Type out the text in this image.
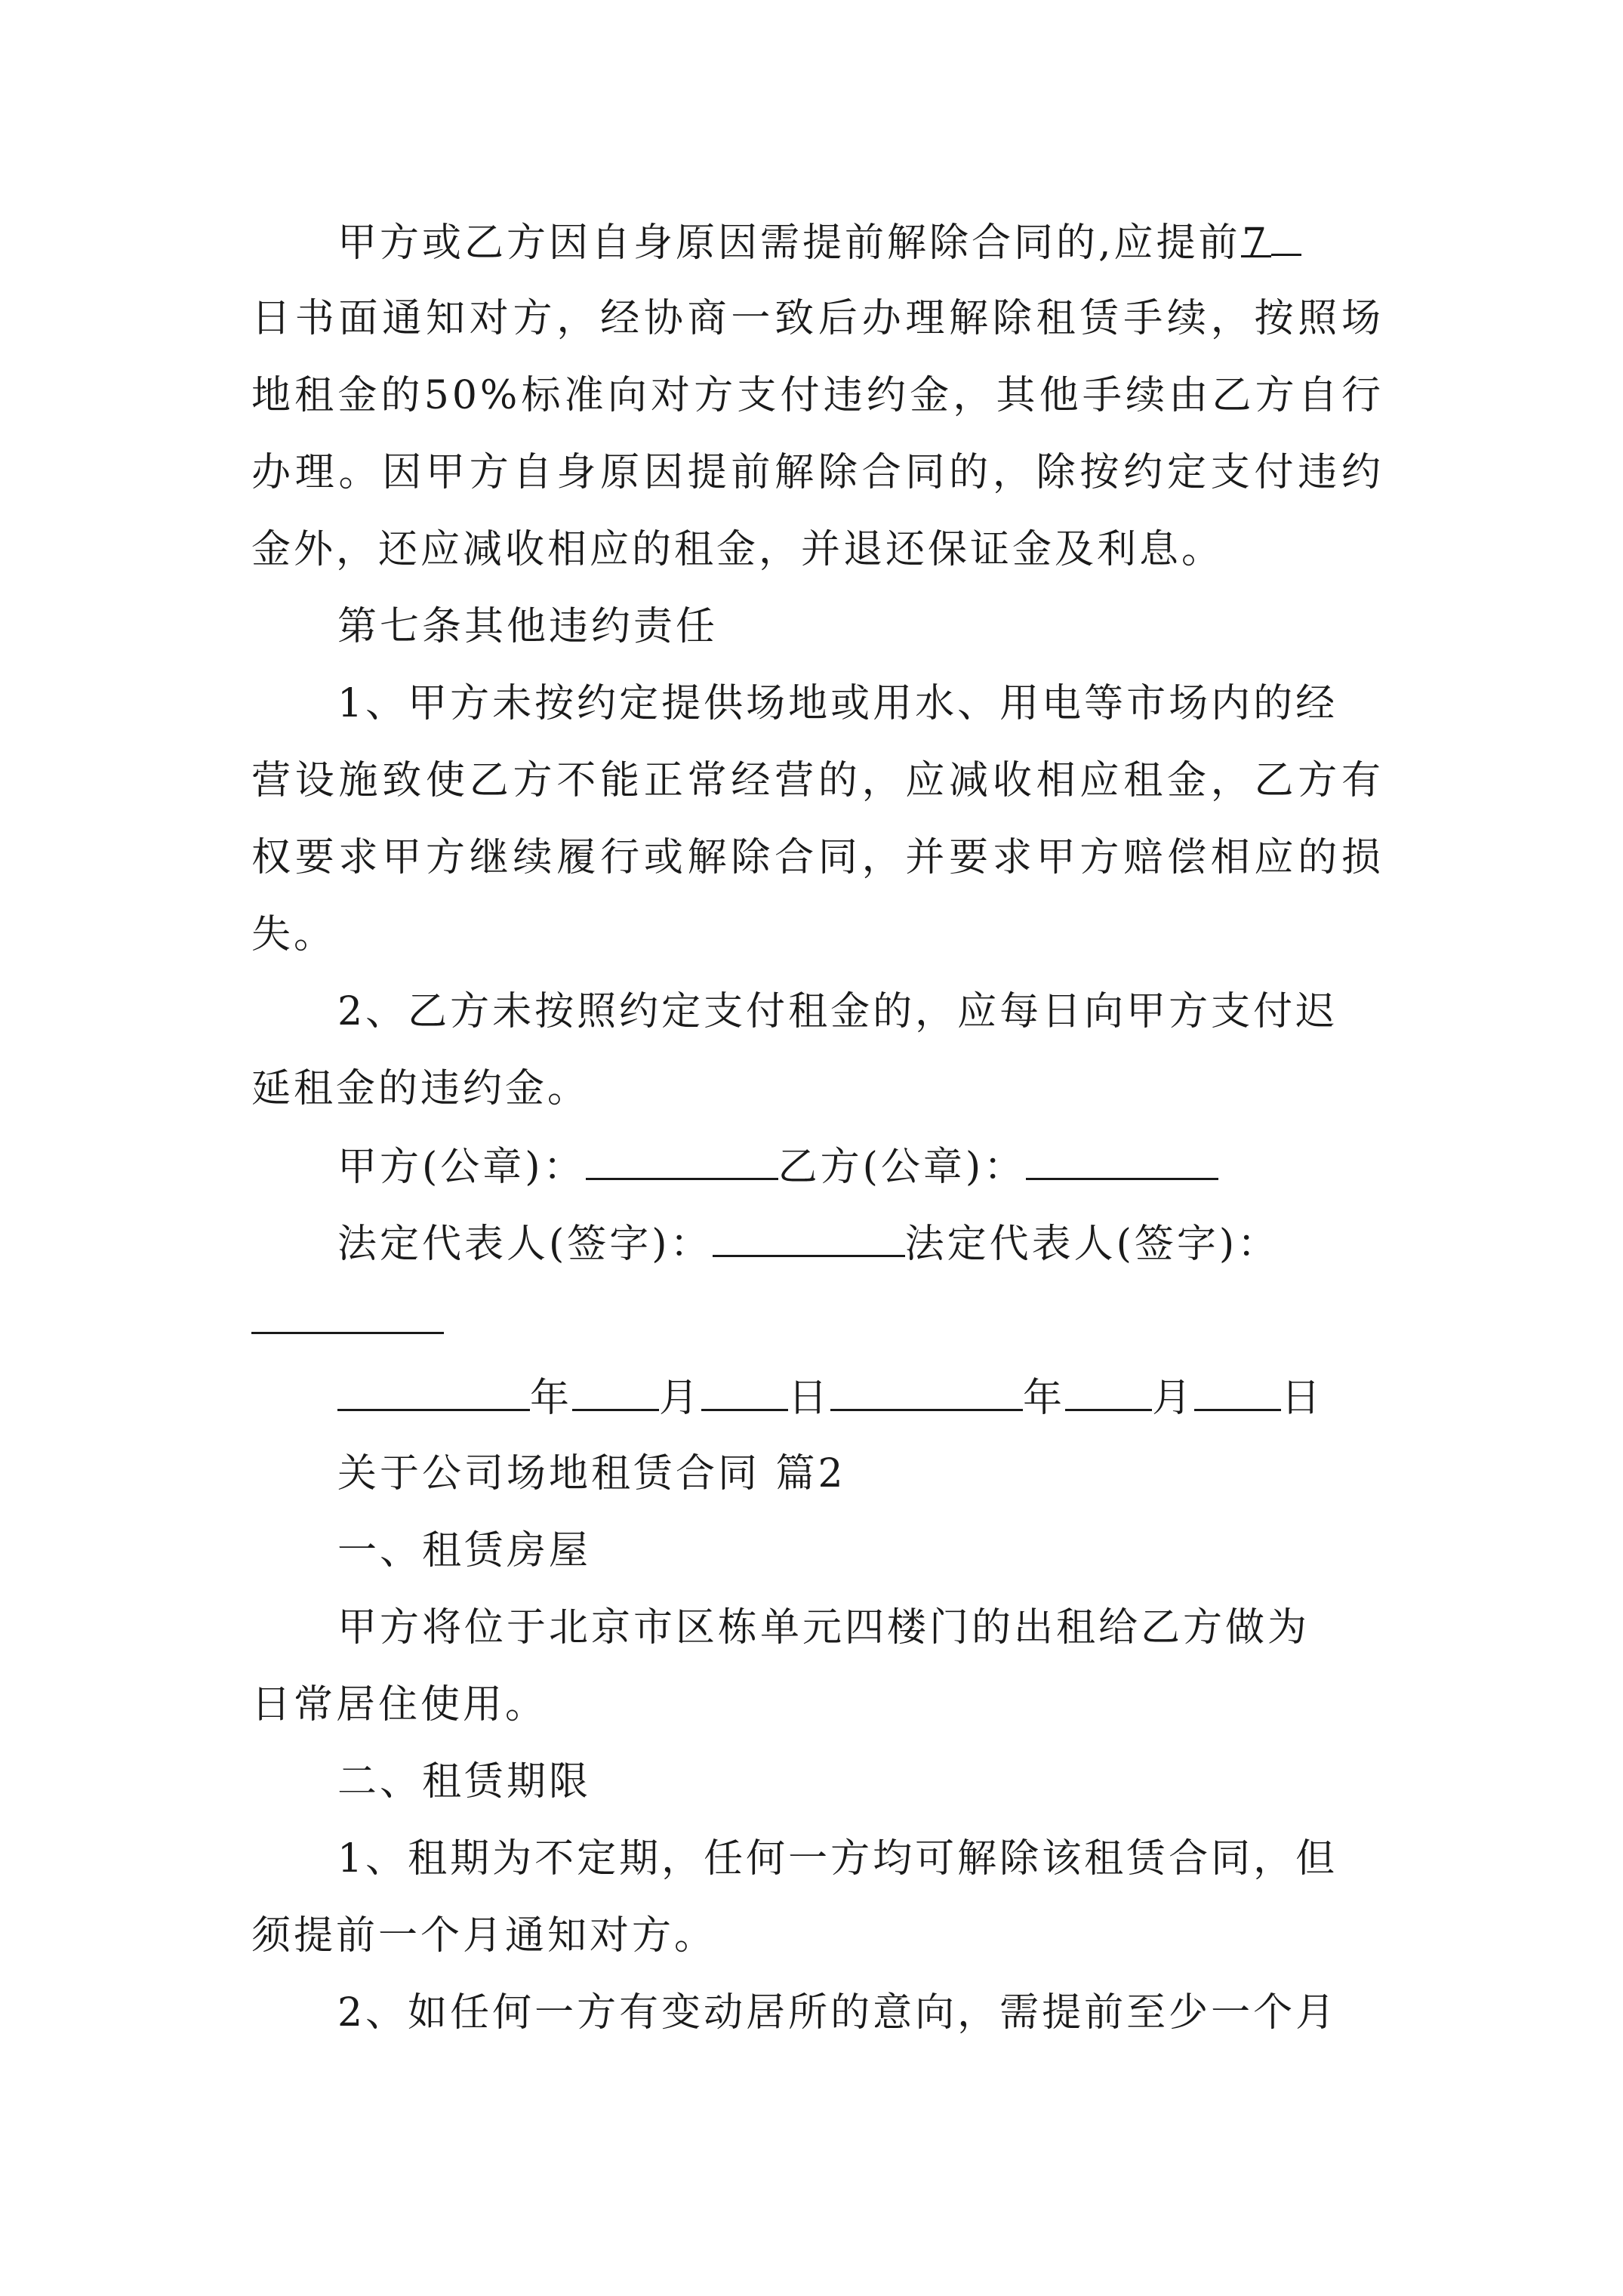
甲方或乙方因自身原因需提前解除合同的,应提前7
日书面通知对方，经协商一致后办理解除租赁手续，按照场
地租金的50%标准向对方支付违约金，其他手续由乙方自行
办理。因甲方自身原因提前解除合同的，除按约定支付违约
金外，还应减收相应的租金，并退还保证金及利息。
第七条其他违约责任
1、甲方未按约定提供场地或用水、用电等市场内的经
营设施致使乙方不能正常经营的，应减收相应租金，乙方有
权要求甲方继续履行或解除合同，并要求甲方赔偿相应的损
失。
2、乙方未按照约定支付租金的，应每日向甲方支付迟
延租金的违约金。
甲方(公章)：	乙方(公章)：
法定代表人(签字)：	法定代表人(签字)：
年 月 日	年 月 日
关于公司场地租赁合同 篇2
一、租赁房屋
甲方将位于北京市区栋单元四楼门的出租给乙方做为
日常居住使用。
二、租赁期限
1、租期为不定期，任何一方均可解除该租赁合同，但
须提前一个月通知对方。
2、如任何一方有变动居所的意向，需提前至少一个月
